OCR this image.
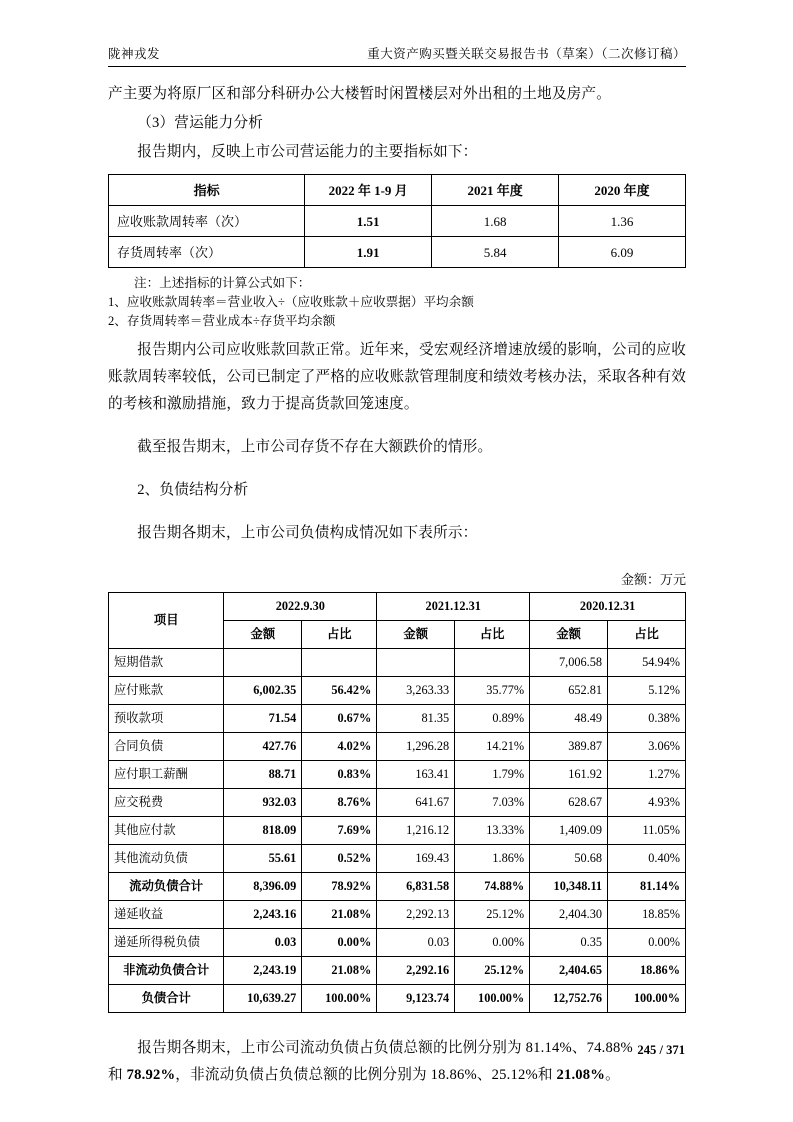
陇神戎发	重大资产购买暨关联交易报告书（草案）（二次修订稿）

产主要为将原厂区和部分科研办公大楼暂时闲置楼层对外出租的土地及房产。

（3）营运能力分析

报告期内，反映上市公司营运能力的主要指标如下：

指标	2022 年 1-9 月	2021 年度	2020 年度
应收账款周转率（次）	1.51	1.68	1.36
存货周转率（次）	1.91	5.84	6.09
注：上述指标的计算公式如下：
1、应收账款周转率＝营业收入÷（应收账款＋应收票据）平均余额
2、存货周转率＝营业成本÷存货平均余额

报告期内公司应收账款回款正常。近年来，受宏观经济增速放缓的影响，公司的应收账款周转率较低，公司已制定了严格的应收账款管理制度和绩效考核办法，采取各种有效的考核和激励措施，致力于提高货款回笼速度。

截至报告期末，上市公司存货不存在大额跌价的情形。

2、负债结构分析

报告期各期末，上市公司负债构成情况如下表所示：

金额：万元
项目	2022.9.30		2021.12.31		2020.12.31	
	金额	占比	金额	占比	金额	占比
短期借款					7,006.58	54.94%
应付账款	6,002.35	56.42%	3,263.33	35.77%	652.81	5.12%
预收款项	71.54	0.67%	81.35	0.89%	48.49	0.38%
合同负债	427.76	4.02%	1,296.28	14.21%	389.87	3.06%
应付职工薪酬	88.71	0.83%	163.41	1.79%	161.92	1.27%
应交税费	932.03	8.76%	641.67	7.03%	628.67	4.93%
其他应付款	818.09	7.69%	1,216.12	13.33%	1,409.09	11.05%
其他流动负债	55.61	0.52%	169.43	1.86%	50.68	0.40%
流动负债合计	8,396.09	78.92%	6,831.58	74.88%	10,348.11	81.14%
递延收益	2,243.16	21.08%	2,292.13	25.12%	2,404.30	18.85%
递延所得税负债	0.03	0.00%	0.03	0.00%	0.35	0.00%
非流动负债合计	2,243.19	21.08%	2,292.16	25.12%	2,404.65	18.86%
负债合计	10,639.27	100.00%	9,123.74	100.00%	12,752.76	100.00%

报告期各期末，上市公司流动负债占负债总额的比例分别为 81.14%、74.88%
和 78.92%，非流动负债占负债总额的比例分别为 18.86%、25.12%和 21.08%。

245 / 371
